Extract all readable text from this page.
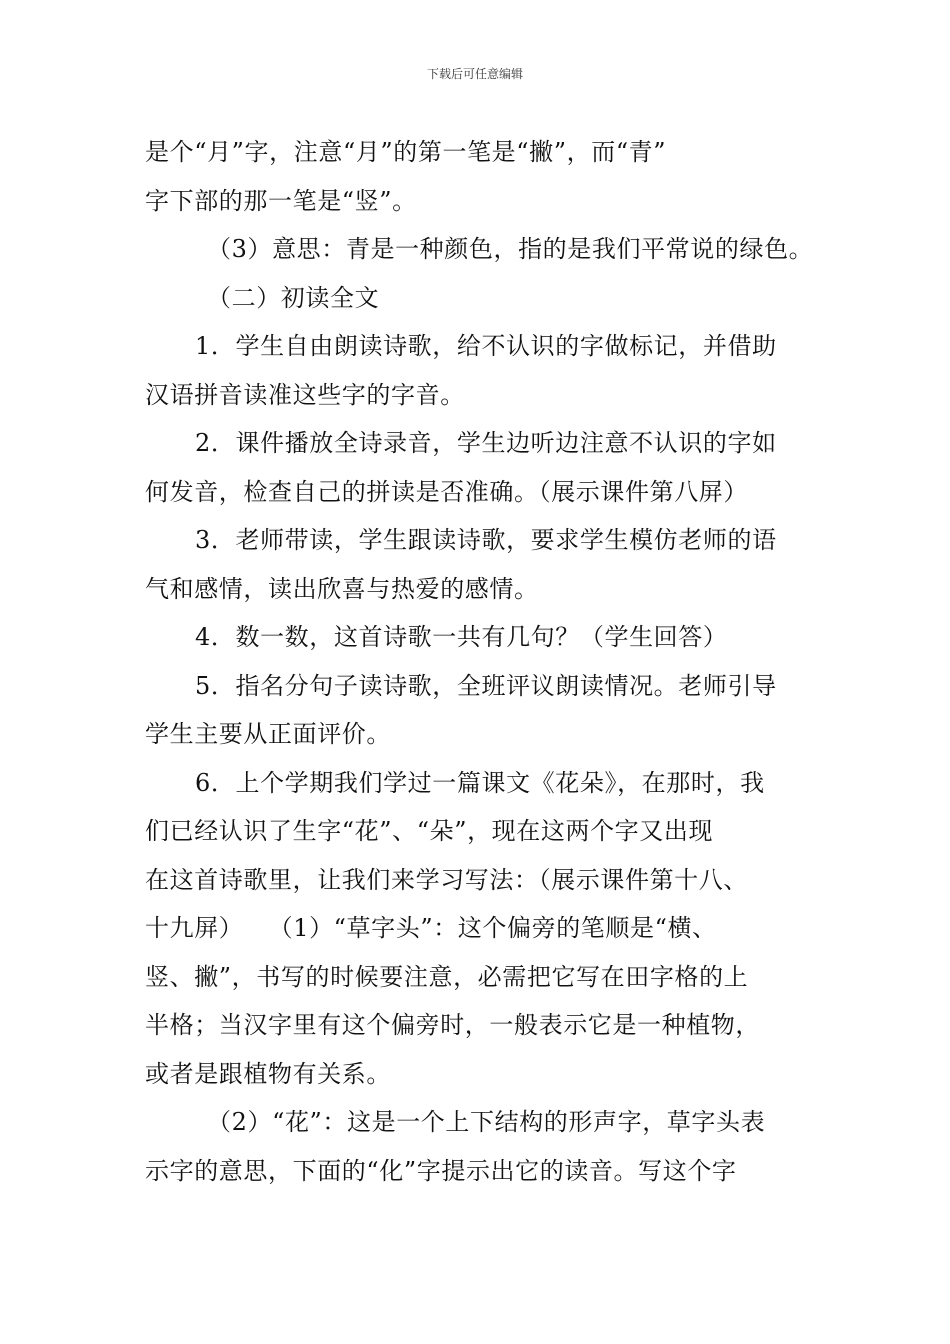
下载后可任意编辑

是个“月”字，注意“月”的第一笔是“撇”，而“青”

字下部的那一笔是“竖”。

（3）意思：青是一种颜色，指的是我们平常说的绿色。

（二）初读全文

1．学生自由朗读诗歌，给不认识的字做标记，并借助

汉语拼音读准这些字的字音。

2．课件播放全诗录音，学生边听边注意不认识的字如

何发音，检查自己的拼读是否准确。（展示课件第八屏）

3．老师带读，学生跟读诗歌，要求学生模仿老师的语

气和感情，读出欣喜与热爱的感情。

4．数一数，这首诗歌一共有几句？（学生回答）

5．指名分句子读诗歌，全班评议朗读情况。老师引导

学生主要从正面评价。

6．上个学期我们学过一篇课文《花朵》，在那时，我

们已经认识了生字“花”、“朵”，现在这两个字又出现

在这首诗歌里，让我们来学习写法：（展示课件第十八、

十九屏）　　（1）“草字头”：这个偏旁的笔顺是“横、

竖、撇”，书写的时候要注意，必需把它写在田字格的上

半格；当汉字里有这个偏旁时，一般表示它是一种植物，

或者是跟植物有关系。

（2）“花”：这是一个上下结构的形声字，草字头表

示字的意思，下面的“化”字提示出它的读音。写这个字
